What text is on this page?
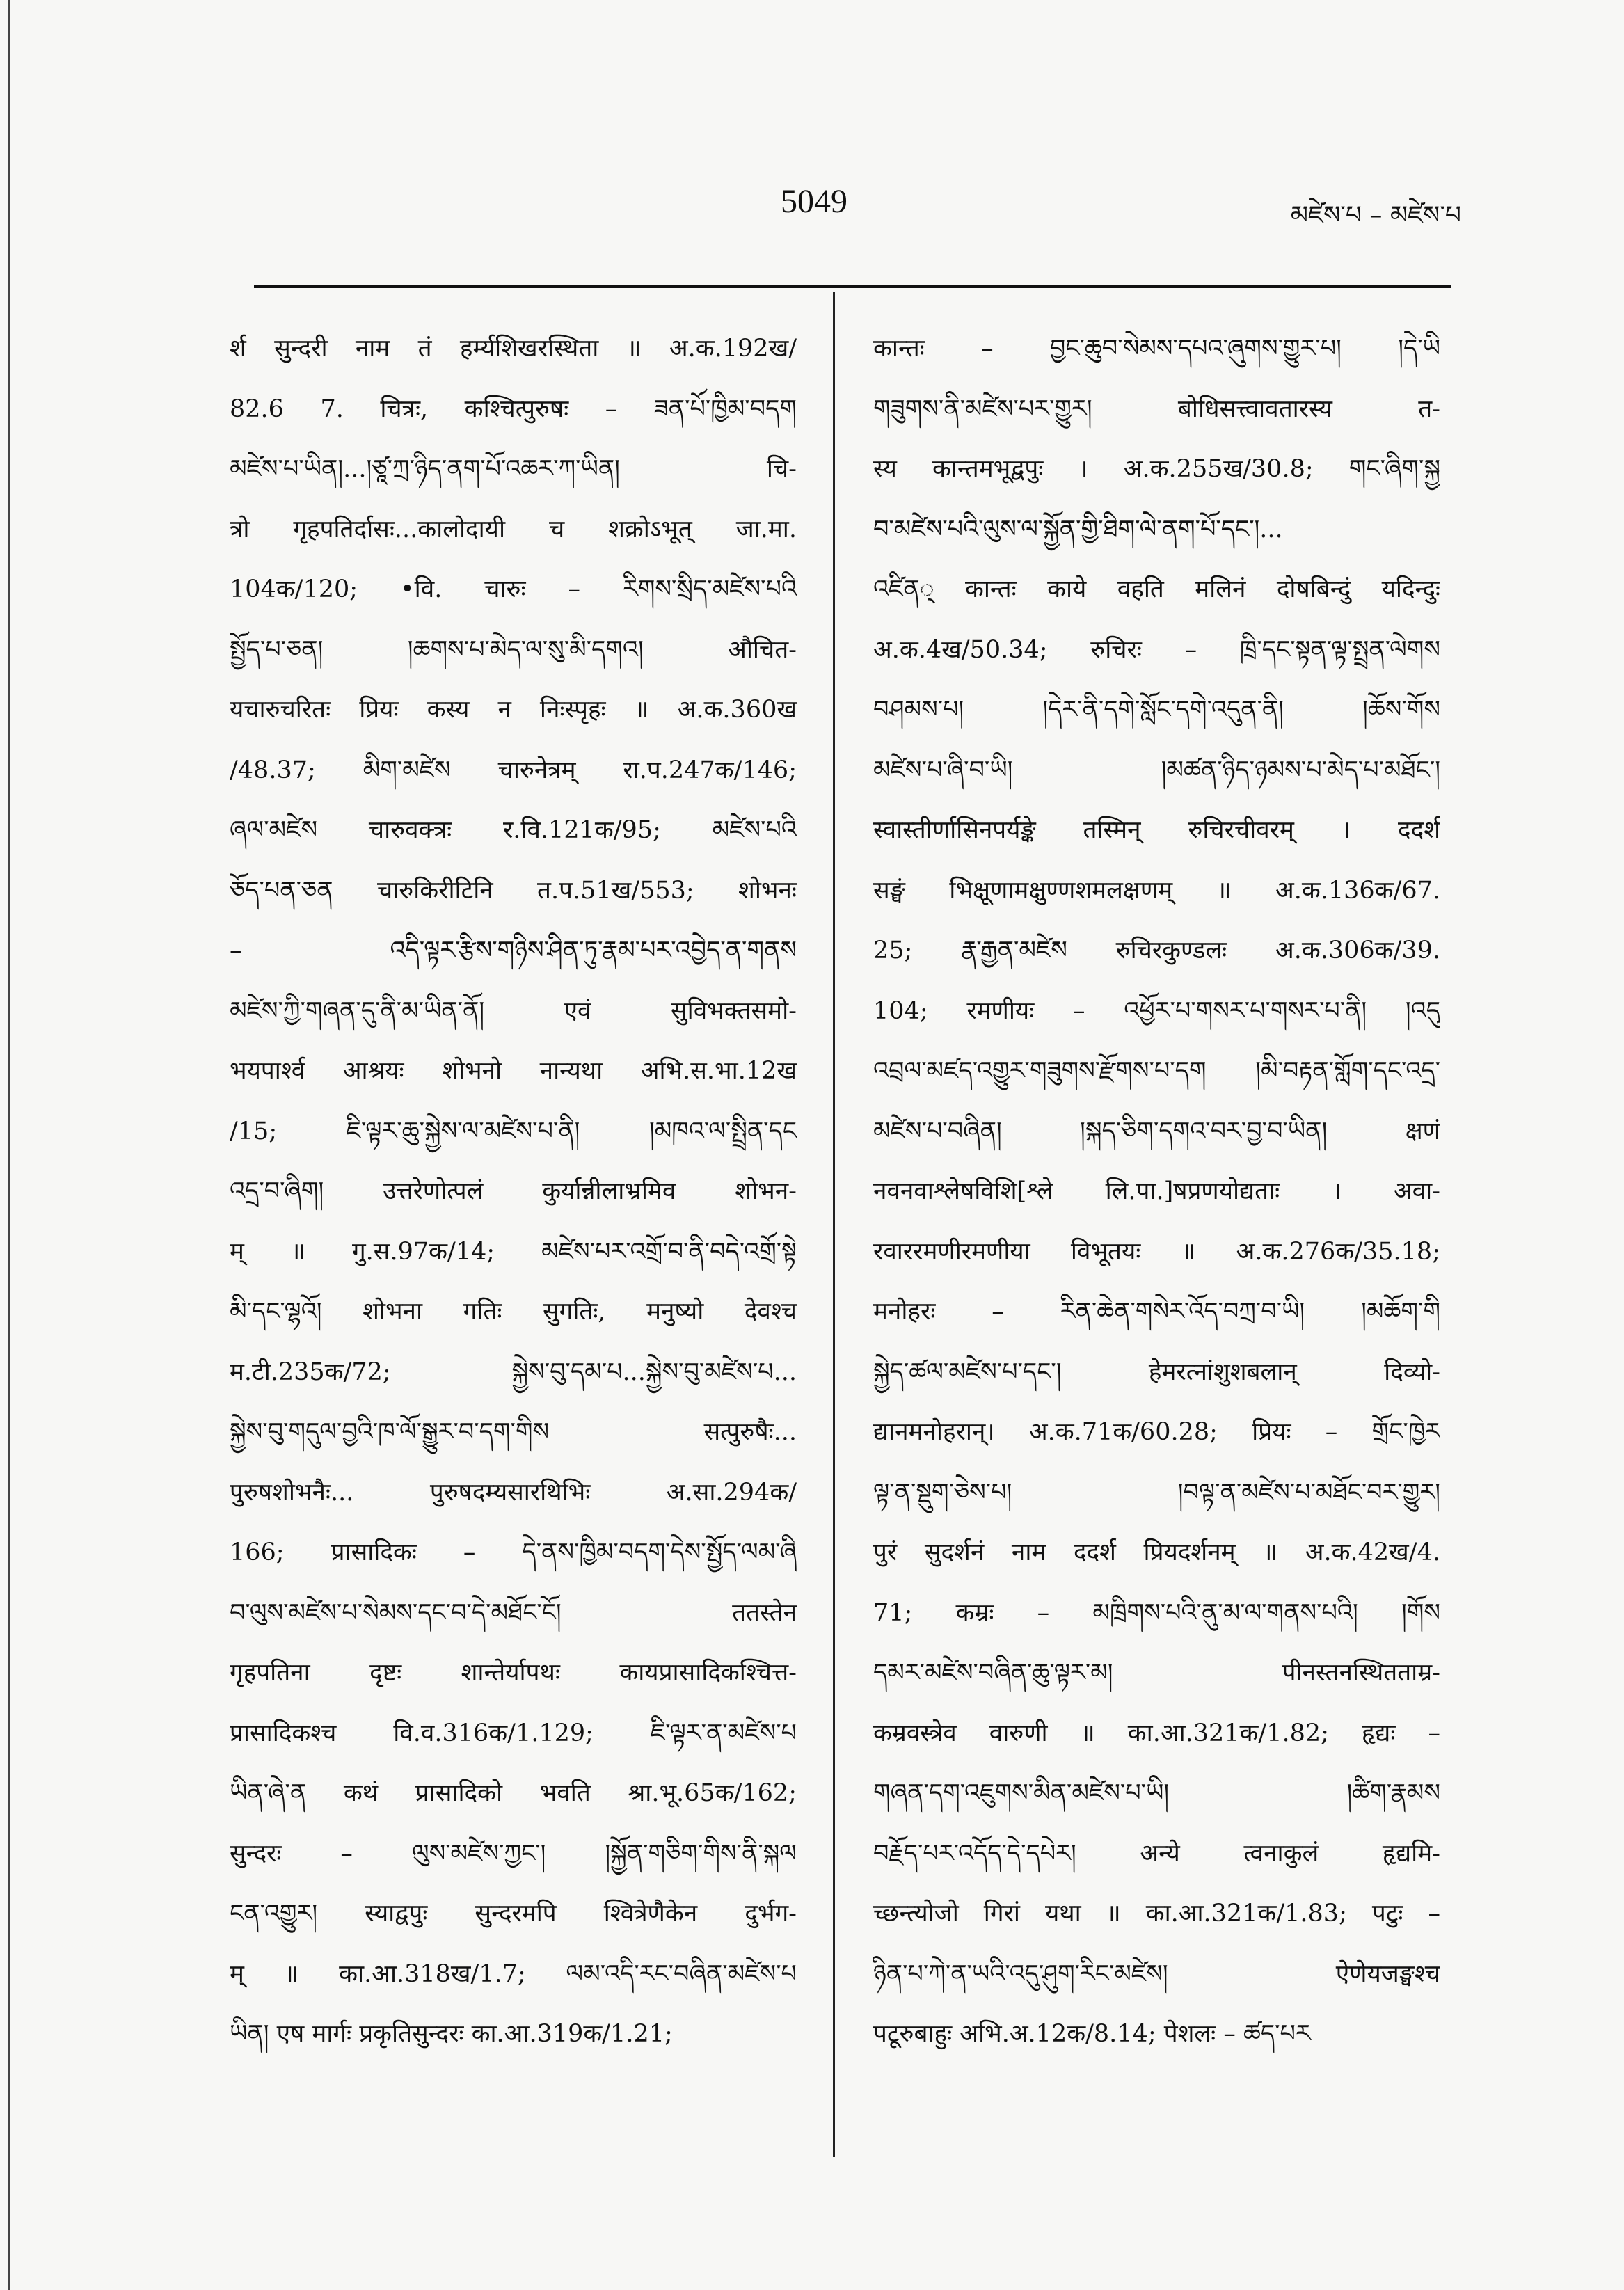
5049	མཛེས་པ – མཛེས་པ
र्श सुन्दरी नाम तं हर्म्यशिखरस्थिता ॥ अ.क.192ख/
82.6 7. चित्रः, कश्चित्पुरुषः – ཟན་པོ་ཁྱིམ་བདག
མཛེས་པ་ཡིན།...།ཙཱ་ཀྲ་ཉིད་ནག་པོ་འཆར་ཀ་ཡིན། चि-
त्रो गृहपतिर्दासः...कालोदायी च शक्रोऽभूत् जा.मा.
104क/120; •वि. चारुः – རིགས་སྲིད་མཛེས་པའི
སྤྱོད་པ་ཅན། །ཆགས་པ་མེད་ལ་སུ་མི་དགའ། औचित-
यचारुचरितः प्रियः कस्य न निःस्पृहः ॥ अ.क.360ख
/48.37; མིག་མཛེས चारुनेत्रम् रा.प.247क/146;
ཞལ་མཛེས चारुवक्त्रः र.वि.121क/95; མཛེས་པའི
ཅོད་པན་ཅན चारुकिरीटिनि त.प.51ख/553; शोभनः
– འདི་ལྟར་རྩིས་གཉིས་ཤིན་ཏུ་རྣམ་པར་འབྱེད་ན་གནས
མཛེས་ཀྱི་གཞན་དུ་ནི་མ་ཡིན་ནོ། एवं सुविभक्तसमो-
भयपार्श्व आश्रयः शोभनो नान्यथा अभि.स.भा.12ख
/15; ཇི་ལྟར་ཆུ་སྐྱེས་ལ་མཛེས་པ་ནི། །མཁའ་ལ་སྤྲིན་དང
འདྲ་བ་ཞིག། उत्तरेणोत्पलं कुर्यान्नीलाभ्रमिव शोभन-
म् ॥ गु.स.97क/14; མཛེས་པར་འགྲོ་བ་ནི་བདེ་འགྲོ་སྟེ
མི་དང་ལྷའོ། शोभना गतिः सुगतिः, मनुष्यो देवश्च
म.टी.235क/72; སྐྱེས་བུ་དམ་པ...སྐྱེས་བུ་མཛེས་པ...
སྐྱེས་བུ་གདུལ་བྱའི་ཁ་ལོ་སྒྱུར་བ་དག་གིས सत्पुरुषैः...
पुरुषशोभनैः... पुरुषदम्यसारथिभिः अ.सा.294क/
166; प्रासादिकः – དེ་ནས་ཁྱིམ་བདག་དེས་སྤྱོད་ལམ་ཞི
བ་ལུས་མཛེས་པ་སེམས་དང་བ་དེ་མཐོང་ངོ། ततस्तेन
गृहपतिना दृष्टः शान्तेर्यापथः कायप्रासादिकश्चित्त-
प्रासादिकश्च वि.व.316क/1.129; ཇི་ལྟར་ན་མཛེས་པ
ཡིན་ཞེ་ན कथं प्रासादिको भवति श्रा.भू.65क/162;
सुन्दरः – ལུས་མཛེས་ཀྱང་། །སྐྱོན་གཅིག་གིས་ནི་སྐལ
ངན་འགྱུར། स्याद्वपुः सुन्दरमपि श्वित्रेणैकेन दुर्भग-
म् ॥ का.आ.318ख/1.7; ལམ་འདི་རང་བཞིན་མཛེས་པ
ཡིན། एष मार्गः प्रकृतिसुन्दरः का.आ.319क/1.21;
कान्तः – བྱང་ཆུབ་སེམས་དཔའ་ཞུགས་གྱུར་པ། །དེ་ཡི
གཟུགས་ནི་མཛེས་པར་གྱུར། बोधिसत्त्वावतारस्य त-
स्य कान्तमभूद्वपुः । अ.क.255ख/30.8; གང་ཞིག་སྐྱ
བ་མཛེས་པའི་ལུས་ལ་སྐྱོན་གྱི་ཐིག་ལེ་ནག་པོ་དང་།...
འཛིན् कान्तः काये वहति मलिनं दोषबिन्दुं यदिन्दुः
अ.क.4ख/50.34; रुचिरः – ཁྲི་དང་སྟན་ལྟ་སྤྲན་ལེགས
བཤམས་པ། །དེར་ནི་དགེ་སློང་དགེ་འདུན་ནི། །ཆོས་གོས
མཛེས་པ་ཞི་བ་ཡི། །མཚན་ཉིད་ཉམས་པ་མེད་པ་མཐོང་།
स्वास्तीर्णासिनपर्यङ्के तस्मिन् रुचिरचीवरम् । ददर्श
सङ्घं भिक्षूणामक्षुण्णशमलक्षणम् ॥ अ.क.136क/67.
25; རྣ་རྒྱན་མཛེས रुचिरकुण्डलः अ.क.306क/39.
104; रमणीयः – འཕྱོར་པ་གསར་པ་གསར་པ་ནི། །འདུ
འབྲལ་མཛད་འགྱུར་གཟུགས་རྫོགས་པ་དག །མི་བརྟན་གློག་དང་འདྲ་
མཛེས་པ་བཞིན། །སྐད་ཅིག་དགའ་བར་བྱ་བ་ཡིན། क्षणं
नवनवाश्लेषविशि[श्ले लि.पा.]षप्रणयोद्यताः । अवा-
रवाररमणीरमणीया विभूतयः ॥ अ.क.276क/35.18;
मनोहरः – རིན་ཆེན་གསེར་འོད་བཀྲ་བ་ཡི། །མཆོག་གི
སྐྱེད་ཚལ་མཛེས་པ་དང་། हेमरत्नांशुशबलान् दिव्यो-
द्यानमनोहरान्। अ.क.71क/60.28; प्रियः – གྲོང་ཁྱེར
ལྟ་ན་སྡུག་ཅེས་པ། །བལྟ་ན་མཛེས་པ་མཐོང་བར་གྱུར།
पुरं सुदर्शनं नाम ददर्श प्रियदर्शनम् ॥ अ.क.42ख/4.
71; कम्रः – མཁྲིགས་པའི་ནུ་མ་ལ་གནས་པའི། །གོས
དམར་མཛེས་བཞིན་ཆུ་ལྟར་མ། पीनस्तनस्थितताम्र-
कम्रवस्त्रेव वारुणी ॥ का.आ.321क/1.82; हृद्यः –
གཞན་དག་འཇུགས་མིན་མཛེས་པ་ཡི། །ཚིག་རྣམས
བརྗོད་པར་འདོད་དེ་དཔེར། अन्ये त्वनाकुलं हृद्यमि-
च्छन्त्योजो गिरां यथा ॥ का.आ.321क/1.83; पटुः –
ཉིན་པ་ཀེ་ན་ཡའི་འདུ་ཤུག་རིང་མཛེས། ऐणेयजङ्घश्च
पटूरुबाहुः अभि.अ.12क/8.14; पेशलः – ཚད་པར
